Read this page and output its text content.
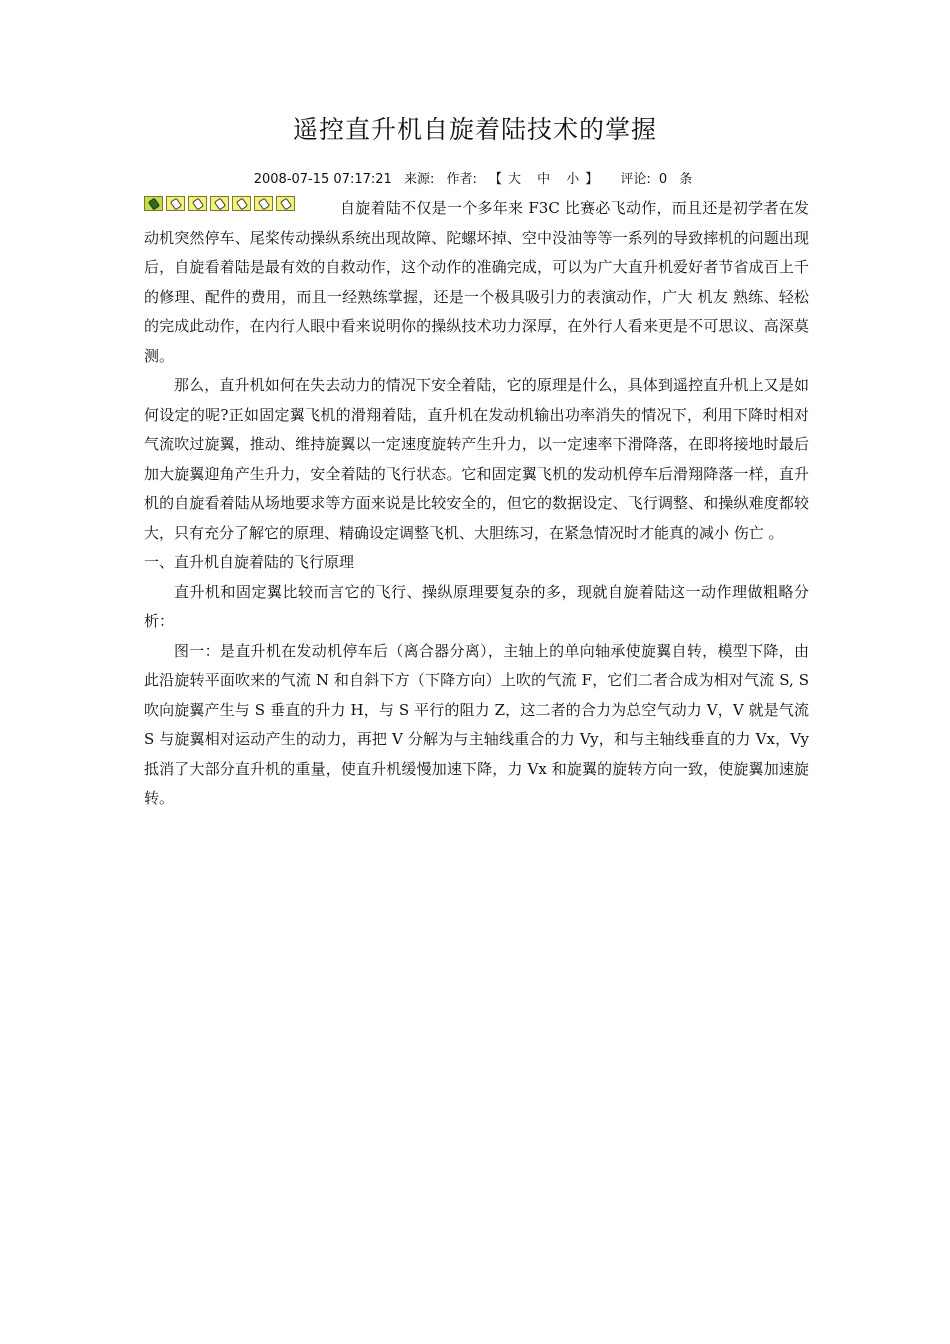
遥控直升机自旋着陆技术的掌握
2008-07-15 07:17:21 来源: 作者: 【大 中 小】 评论: 0 条

自旋着陆不仅是一个多年来 F3C 比赛必飞动作，而且还是初学者在发动机突然停车、尾桨传动操纵系统出现故障、陀螺坏掉、空中没油等等一系列的导致摔机的问题出现后，自旋看着陆是最有效的自救动作，这个动作的准确完成，可以为广大直升机爱好者节省成百上千的修理、配件的费用，而且一经熟练掌握，还是一个极具吸引力的表演动作，广大 机友 熟练、轻松的完成此动作，在内行人眼中看来说明你的操纵技术功力深厚，在外行人看来更是不可思议、高深莫测。

那么，直升机如何在失去动力的情况下安全着陆，它的原理是什么，具体到遥控直升机上又是如何设定的呢?正如固定翼飞机的滑翔着陆，直升机在发动机输出功率消失的情况下，利用下降时相对气流吹过旋翼，推动、维持旋翼以一定速度旋转产生升力，以一定速率下滑降落，在即将接地时最后加大旋翼迎角产生升力，安全着陆的飞行状态。它和固定翼飞机的发动机停车后滑翔降落一样，直升机的自旋看着陆从场地要求等方面来说是比较安全的，但它的数据设定、飞行调整、和操纵难度都较大，只有充分了解它的原理、精确设定调整飞机、大胆练习，在紧急情况时才能真的减小 伤亡 。

一、直升机自旋着陆的飞行原理

直升机和固定翼比较而言它的飞行、操纵原理要复杂的多，现就自旋着陆这一动作理做粗略分析：

图一：是直升机在发动机停车后（离合器分离），主轴上的单向轴承使旋翼自转，模型下降，由此沿旋转平面吹来的气流 N 和自斜下方（下降方向）上吹的气流 F，它们二者合成为相对气流 S, S 吹向旋翼产生与 S 垂直的升力 H，与 S 平行的阻力 Z，这二者的合力为总空气动力 V，V 就是气流 S 与旋翼相对运动产生的动力，再把 V 分解为与主轴线重合的力 Vy，和与主轴线垂直的力 Vx，Vy 抵消了大部分直升机的重量，使直升机缓慢加速下降，力 Vx 和旋翼的旋转方向一致，使旋翼加速旋转。
